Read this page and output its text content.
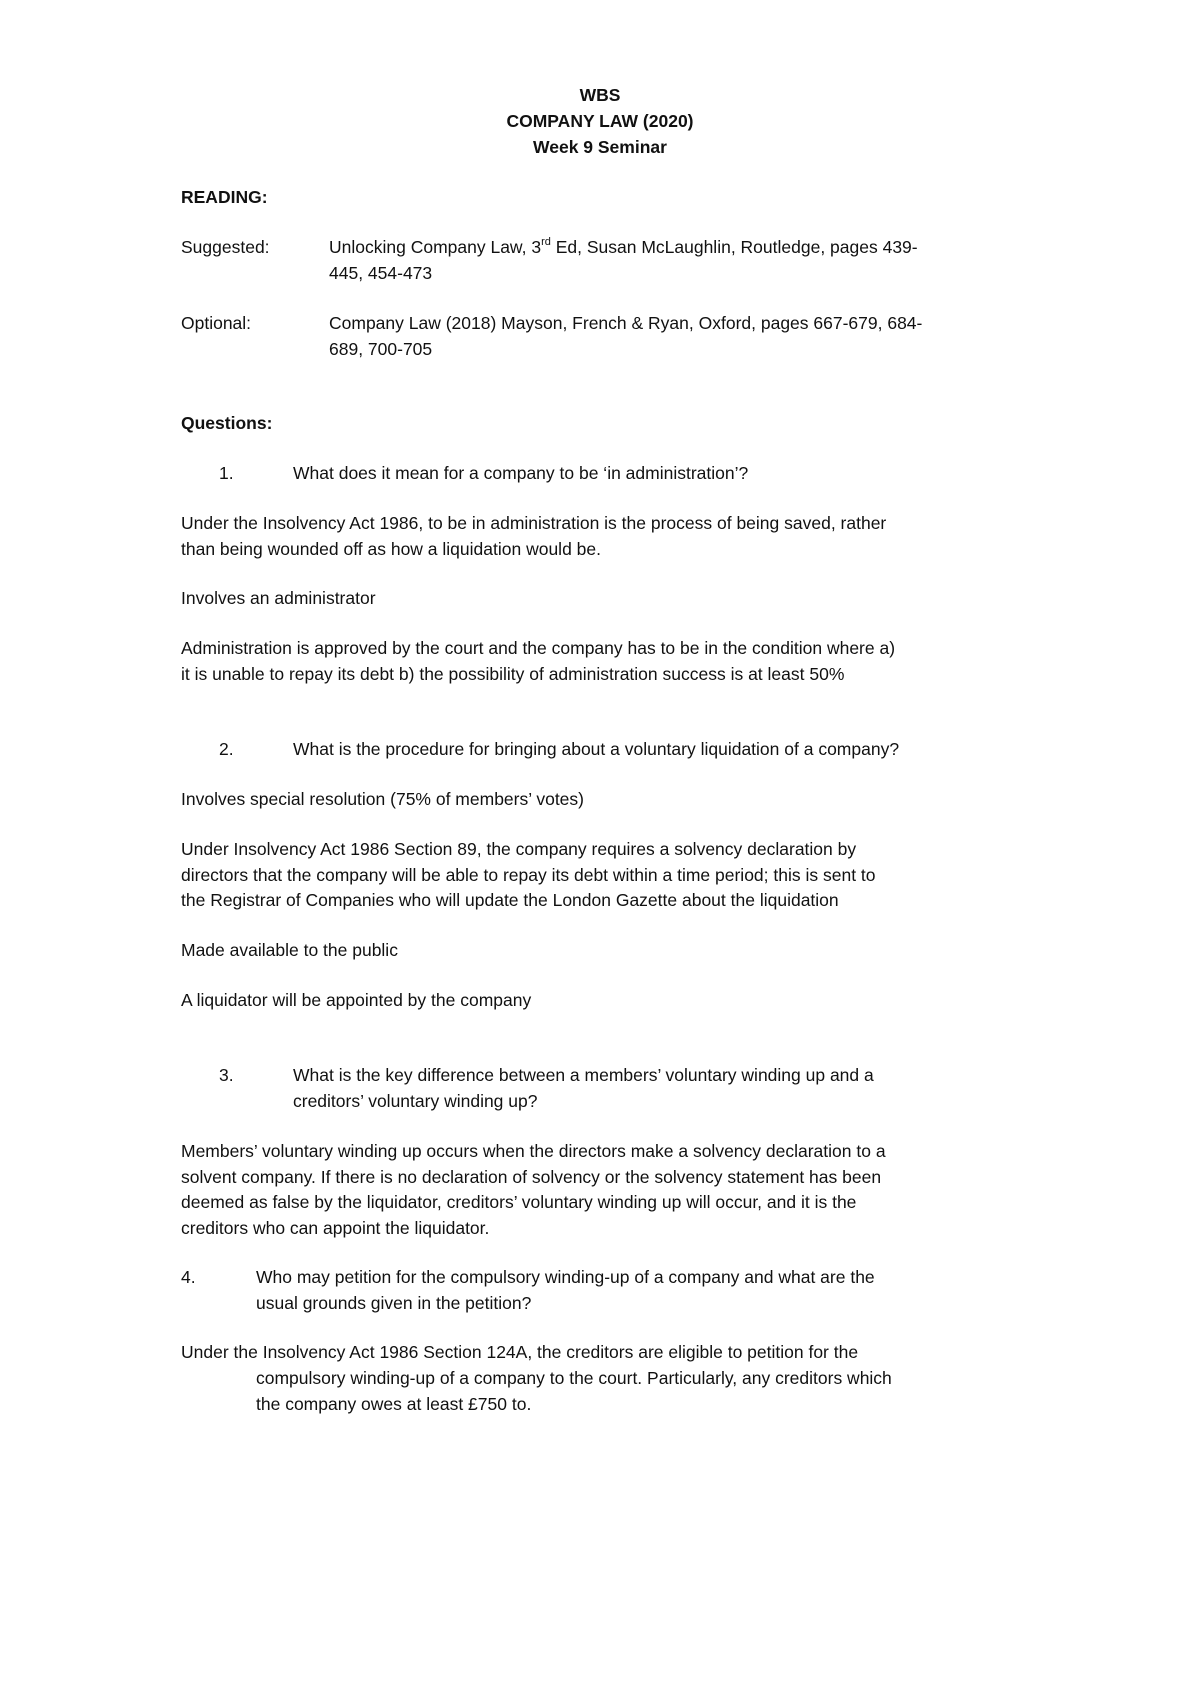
WBS
COMPANY LAW (2020)
Week 9 Seminar
READING:
Suggested:	Unlocking Company Law, 3rd Ed, Susan McLaughlin, Routledge, pages 439-
445, 454-473
Optional:	Company Law (2018) Mayson, French & Ryan, Oxford, pages 667-679, 684-
689, 700-705
Questions:
1.	What does it mean for a company to be ‘in administration’?
Under the Insolvency Act 1986, to be in administration is the process of being saved, rather
than being wounded off as how a liquidation would be.
Involves an administrator
Administration is approved by the court and the company has to be in the condition where a)
it is unable to repay its debt b) the possibility of administration success is at least 50%
2.	What is the procedure for bringing about a voluntary liquidation of a company?
Involves special resolution (75% of members’ votes)
Under Insolvency Act 1986 Section 89, the company requires a solvency declaration by
directors that the company will be able to repay its debt within a time period; this is sent to
the Registrar of Companies who will update the London Gazette about the liquidation
Made available to the public
A liquidator will be appointed by the company
3.	What is the key difference between a members’ voluntary winding up and a
creditors’ voluntary winding up?
Members’ voluntary winding up occurs when the directors make a solvency declaration to a
solvent company. If there is no declaration of solvency or the solvency statement has been
deemed as false by the liquidator, creditors’ voluntary winding up will occur, and it is the
creditors who can appoint the liquidator.
4.	Who may petition for the compulsory winding-up of a company and what are the
usual grounds given in the petition?
Under the Insolvency Act 1986 Section 124A, the creditors are eligible to petition for the
compulsory winding-up of a company to the court. Particularly, any creditors which
the company owes at least £750 to.
